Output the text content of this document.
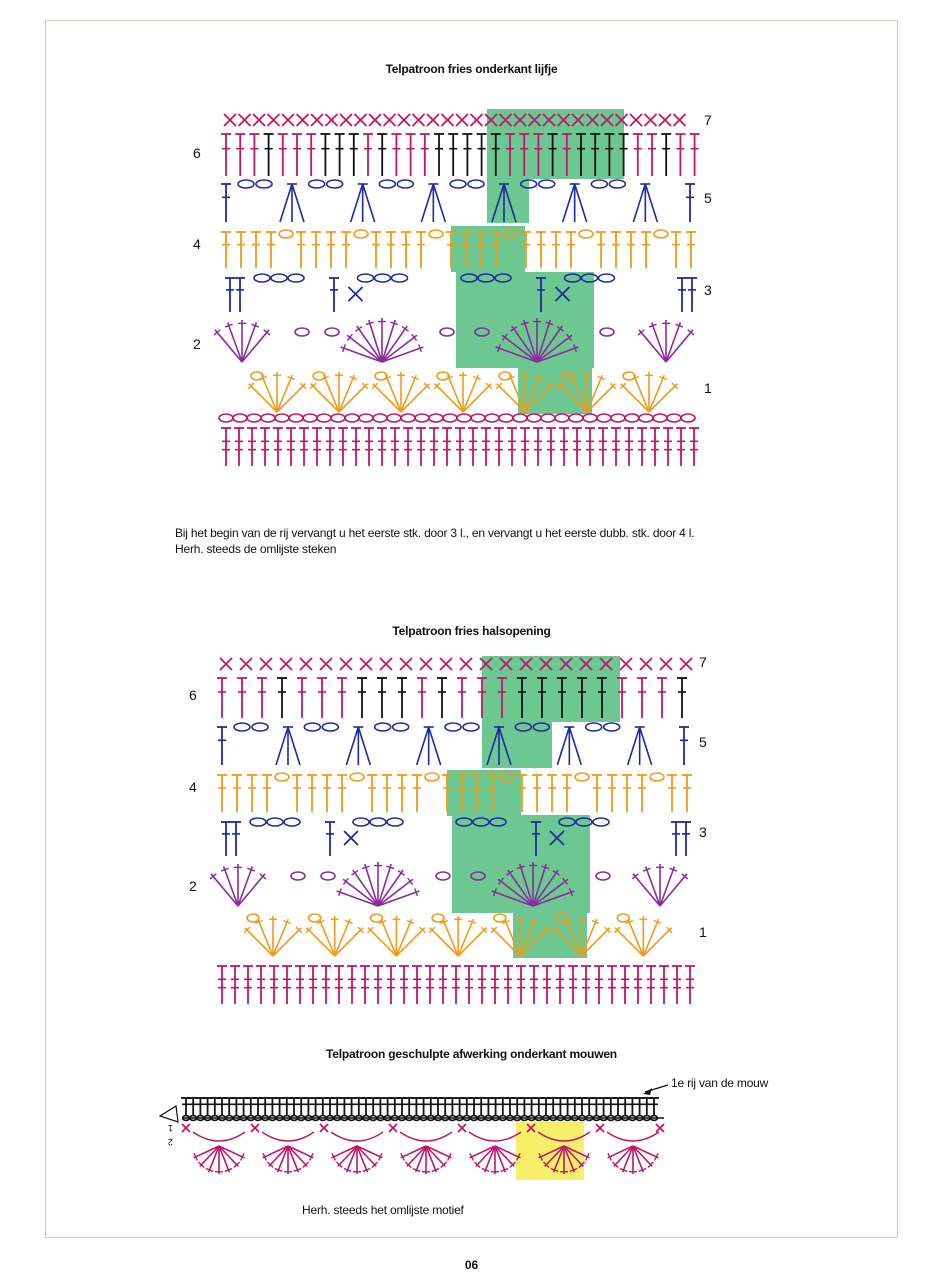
Telpatroon fries onderkant lijfje
7
6
5
4
3
2
1
Bij het begin van de rij vervangt u het eerste stk. door 3 l., en vervangt u het eerste dubb. stk. door 4 l.
Herh. steeds de omlijste steken
Telpatroon fries halsopening
7
6
5
4
3
2
1
Telpatroon geschulpte afwerking onderkant mouwen
1e rij van de mouw
1
2
Herh. steeds het omlijste motief
06
